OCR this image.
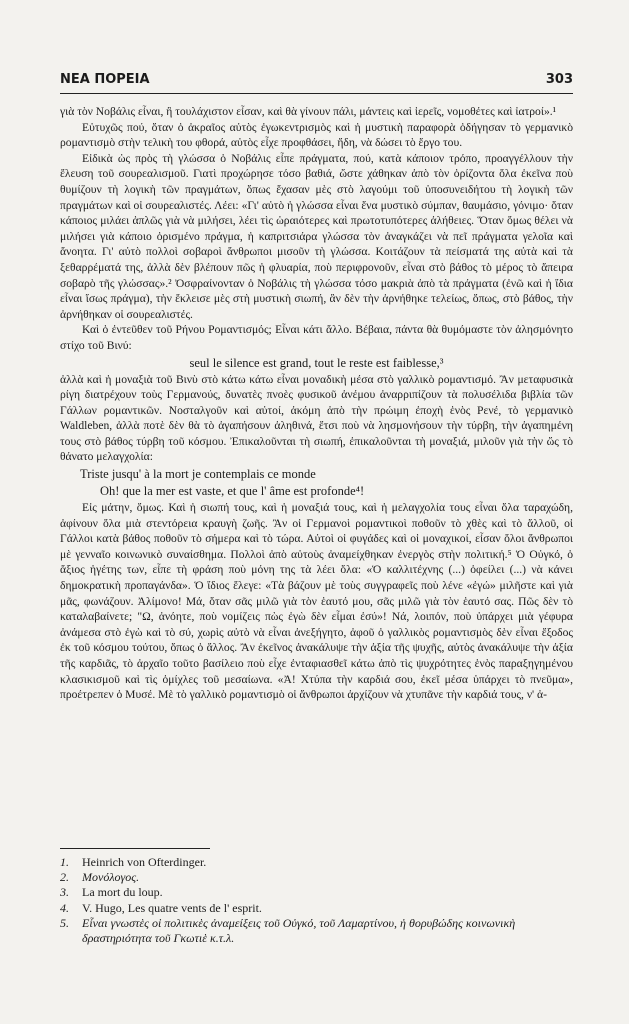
ΝΕΑ ΠΟΡΕΙΑ	303

γιὰ τὸν Νοβάλις εἶναι, ἢ τουλάχιστον εἶσαν, καὶ θὰ γίνουν πάλι, μάντεις καὶ ἱερεῖς, νομοθέτες καὶ ἰατροί».¹

Εὐτυχῶς πού, ὅταν ὁ ἀκραῖος αὐτὸς ἐγωκεντρισμὸς καὶ ἡ μυστικὴ παραφορὰ ὁδήγησαν τὸ γερμανικὸ ρομαντισμὸ στὴν τελικὴ του φθορά, αὐτὸς εἶχε προφθάσει, ἤδη, νὰ δώσει τὸ ἔργο του.

Εἰδικὰ ὡς πρὸς τὴ γλώσσα ὁ Νοβάλις εἶπε πράγματα, πού, κατὰ κάποιον τρόπο, προαγγέλλουν τὴν ἔλευση τοῦ σουρεαλισμοῦ. Γιατὶ προχώρησε τόσο βαθιά, ὥστε χάθηκαν ἀπὸ τὸν ὁρίζοντα ὅλα ἐκεῖνα ποὺ θυμίζουν τὴ λογικὴ τῶν πραγμάτων, ὅπως ἔχασαν μὲς στὸ λαγούμι τοῦ ὑποσυνειδήτου τὴ λογικὴ τῶν πραγμάτων καὶ οἱ σουρεαλιστές. Λέει: «Γι' αὐτὸ ἡ γλώσσα εἶναι ἕνα μυστικὸ σύμπαν, θαυμάσιο, γόνιμο· ὅταν κάποιος μιλάει ἁπλῶς γιὰ νὰ μιλήσει, λέει τὶς ὡραιότερες καὶ πρωτοτυπότερες ἀλήθειες. Ὅταν ὅμως θέλει νὰ μιλήσει γιὰ κάποιο ὁρισμένο πράγμα, ἡ καπριτσιάρα γλώσσα τὸν ἀναγκάζει νὰ πεῖ πράγματα γελοῖα καὶ ἄνοητα. Γι' αὐτὸ πολλοὶ σοβαροὶ ἄνθρωποι μισοῦν τὴ γλώσσα. Κοιτάζουν τὰ πείσματά της αὐτὰ καὶ τὰ ξεθαρρέματά της, ἀλλὰ δὲν βλέπουν πῶς ἡ φλυαρία, ποὺ περιφρονοῦν, εἶναι στὸ βάθος τὸ μέρος τὸ ἄπειρα σοβαρὸ τῆς γλώσσας».² Ὀσφραίνονταν ὁ Νοβάλις τὴ γλώσσα τόσο μακριὰ ἀπὸ τὰ πράγματα (ἐνῶ καὶ ἡ ἴδια εἶναι ἴσως πράγμα), τὴν ἔκλεισε μὲς στὴ μυστικὴ σιωπή, ἂν δὲν τὴν ἀρνήθηκε τελείως, ὅπως, στὸ βάθος, τὴν ἀρνήθηκαν οἱ σουρεαλιστές.

Καὶ ὁ ἐντεῦθεν τοῦ Ρήνου Ρομαντισμός; Εἶναι κάτι ἄλλο. Βέβαια, πάντα θὰ θυμόμαστε τὸν ἀλησμόνητο στίχο τοῦ Βινύ:

seul le silence est grand, tout le reste est faiblesse,³

ἀλλὰ καὶ ἡ μοναξιὰ τοῦ Βινὺ στὸ κάτω κάτω εἶναι μοναδικὴ μέσα στὸ γαλλικὸ ρομαντισμό. Ἂν μεταφυσικὰ ρίγη διατρέχουν τοὺς Γερμανούς, δυνατὲς πνοὲς φυσικοῦ ἀνέμου ἀναρριπίζουν τὰ πολυσέλιδα βιβλία τῶν Γάλλων ρομαντικῶν. Νοσταλγοῦν καὶ αὐτοί, ἀκόμη ἀπὸ τὴν πρώιμη ἐποχὴ ἑνὸς Ρενέ, τὸ γερμανικὸ Waldleben, ἀλλὰ ποτὲ δὲν θὰ τὸ ἀγαπήσουν ἀληθινά, ἔτσι ποὺ νὰ λησμονήσουν τὴν τύρβη, τὴν ἀγαπημένη τους στὸ βάθος τύρβη τοῦ κόσμου. Ἐπικαλοῦνται τὴ σιωπή, ἐπικαλοῦνται τὴ μοναξιά, μιλοῦν γιὰ τὴν ὥς τὸ θάνατο μελαγχολία:

Triste jusqu' à la mort je contemplais ce monde
Oh! que la mer est vaste, et que l' âme est profonde⁴!

Εἰς μάτην, ὅμως. Καὶ ἡ σιωπή τους, καὶ ἡ μοναξιά τους, καὶ ἡ μελαγχολία τους εἶναι ὅλα ταραχώδη, ἀφίνουν ὅλα μιὰ στεντόρεια κραυγὴ ζωῆς. Ἂν οἱ Γερμανοὶ ρομαντικοὶ ποθοῦν τὸ χθὲς καὶ τὸ ἄλλοῦ, οἱ Γάλλοι κατὰ βάθος ποθοῦν τὸ σήμερα καὶ τὸ τώρα. Αὐτοὶ οἱ φυγάδες καὶ οἱ μοναχικοί, εἶσαν ὅλοι ἄνθρωποι μὲ γενναῖο κοινωνικὸ συναίσθημα. Πολλοὶ ἀπὸ αὐτοὺς ἀναμείχθηκαν ἐνεργὸς στὴν πολιτική.⁵ Ὁ Οὐγκό, ὁ ἄξιος ἡγέτης των, εἶπε τὴ φράση ποὺ μόνη της τὰ λέει ὅλα: «Ὁ καλλιτέχνης (...) ὀφείλει (...) νὰ κάνει δημοκρατικὴ προπαγάνδα». Ὁ ἴδιος ἔλεγε: «Τὰ βάζουν μὲ τοὺς συγγραφεῖς ποὺ λένε «ἐγώ» μιλῆστε καὶ γιὰ μᾶς, φωνάζουν. Ἀλίμονο! Μά, ὅταν σᾶς μιλῶ γιὰ τὸν ἑαυτό μου, σᾶς μιλῶ γιὰ τὸν ἑαυτό σας. Πῶς δὲν τὸ καταλαβαίνετε; "Ω, ἀνόητε, ποὺ νομίζεις πὼς ἐγὼ δὲν εἶμαι ἐσύ»! Νά, λοιπόν, ποὺ ὑπάρχει μιὰ γέφυρα ἀνάμεσα στὸ ἐγὼ καὶ τὸ σύ, χωρὶς αὐτὸ νὰ εἶναι ἀνεξήγητο, ἀφοῦ ὁ γαλλικὸς ρομαντισμὸς δὲν εἶναι ἔξοδος ἐκ τοῦ κόσμου τούτου, ὅπως ὁ ἄλλος. Ἂν ἐκεῖνος ἀνακάλυψε τὴν ἀξία τῆς ψυχῆς, αὐτὸς ἀνακάλυψε τὴν ἀξία τῆς καρδιᾶς, τὸ ἀρχαῖο τοῦτο βασίλειο ποὺ εἶχε ἐνταφιασθεῖ κάτω ἀπὸ τὶς ψυχρότητες ἑνὸς παραξηγημένου κλασικισμοῦ καὶ τὶς ὀμίχλες τοῦ μεσαίωνα. «Ἀ! Χτύπα τὴν καρδιά σου, ἐκεῖ μέσα ὑπάρχει τὸ πνεῦμα», προέτρεπεν ὁ Μυσέ. Μὲ τὸ γαλλικὸ ρομαντισμὸ οἱ ἄνθρωποι ἀρχίζουν νὰ χτυπᾶνε τὴν καρδιά τους, ν' ἀ-

1.	Heinrich von Ofterdinger.
2.	Μονόλογος.
3.	La mort du loup.
4.	V. Hugo, Les quatre vents de l' esprit.
5.	Εἶναι γνωστὲς οἱ πολιτικὲς ἀναμείξεις τοῦ Οὐγκό, τοῦ Λαμαρτίνου, ἡ θορυβώδης κοινωνικὴ δραστηριότητα τοῦ Γκωτιὲ κ.τ.λ.
